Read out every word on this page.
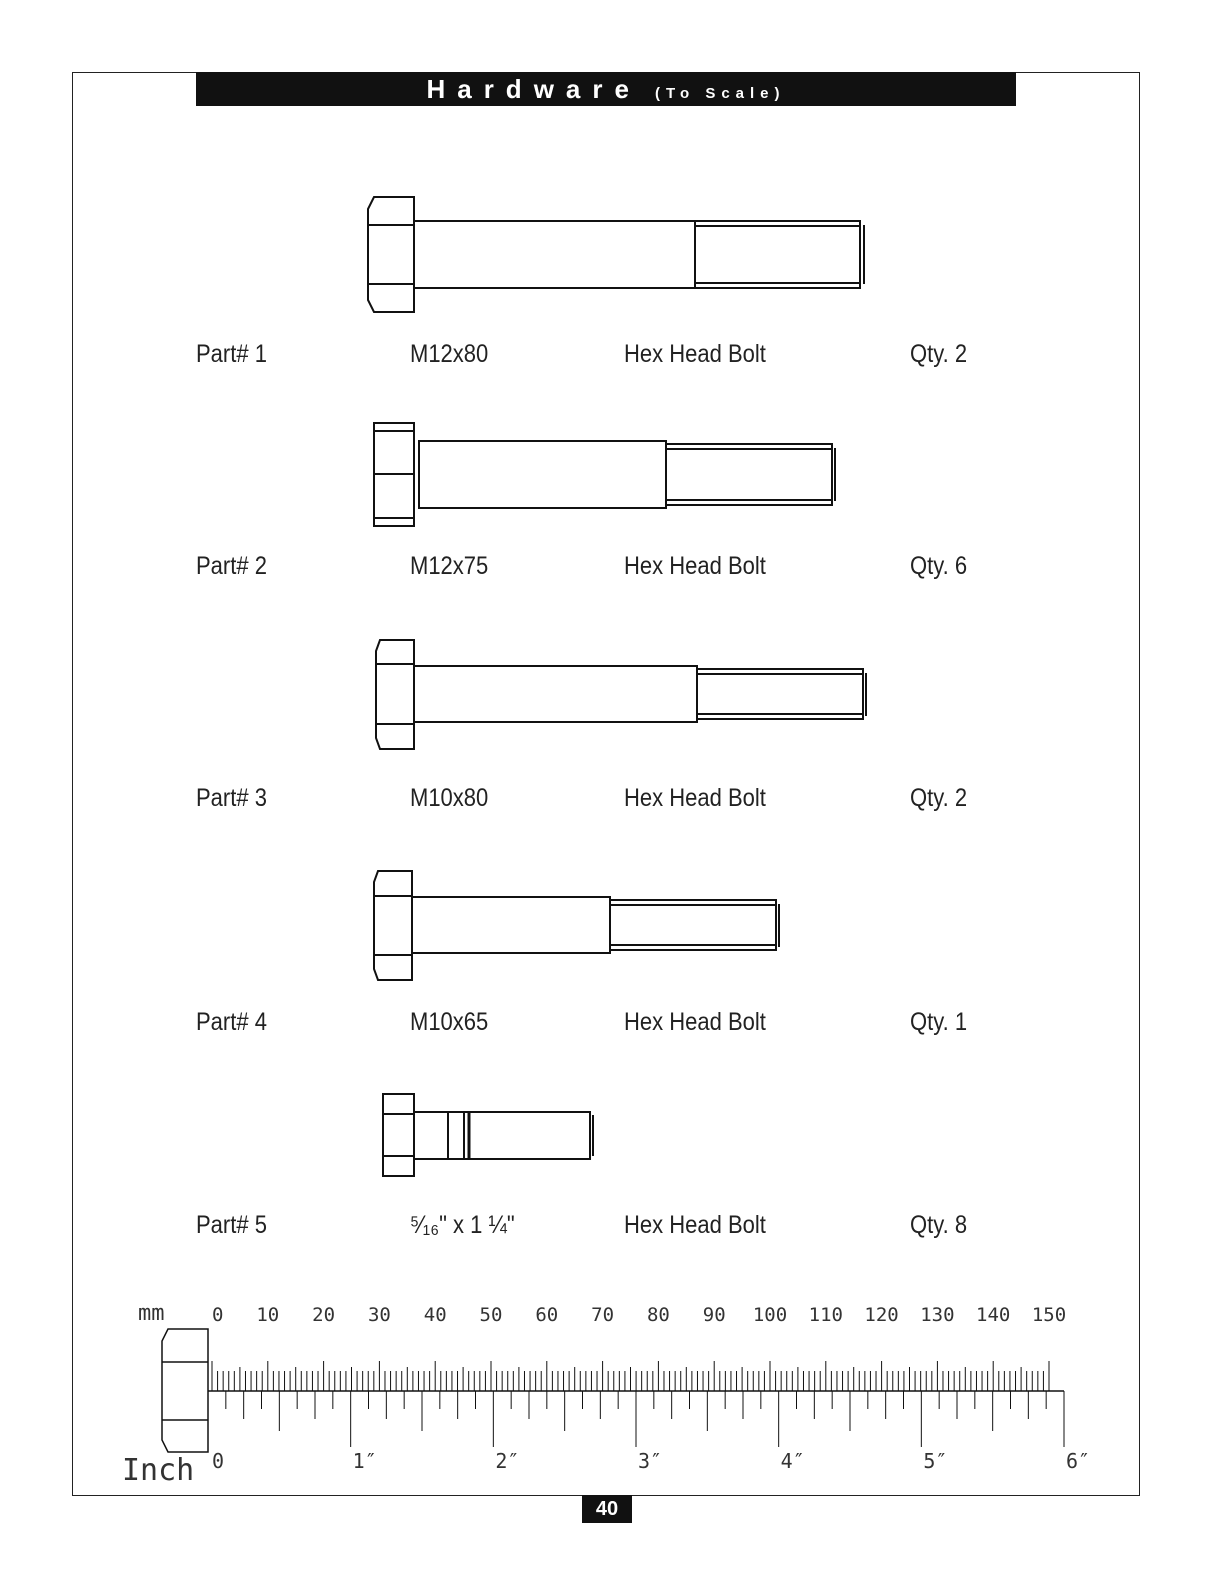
Hardware (To Scale)
Part# 1	M12x80	Hex Head Bolt	Qty. 2
Part# 2	M12x75	Hex Head Bolt	Qty. 6
Part# 3	M10x80	Hex Head Bolt	Qty. 2
Part# 4	M10x65	Hex Head Bolt	Qty. 1
Part# 5	⁵⁄₁₆" x 1 ¼"	Hex Head Bolt	Qty. 8
mm
Inch
0 10 20 30 40 50 60 70 80 90 100 110 120 130 140 150
0	1″	2″	3″	4″	5″	6″
40
